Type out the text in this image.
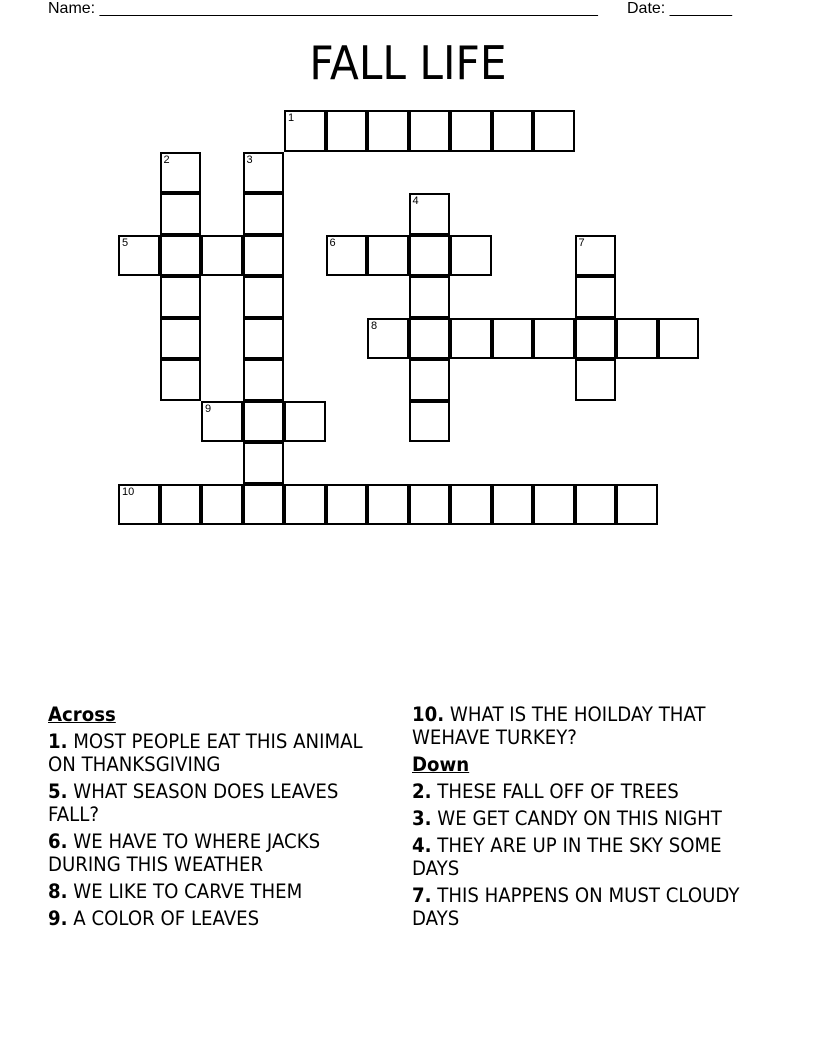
Name: ________________________________________________________ Date: _______
FALL LIFE
1
2	3
4
5	6	7
8
9
10
Across
1. MOST PEOPLE EAT THIS ANIMAL ON THANKSGIVING
5. WHAT SEASON DOES LEAVES FALL?
6. WE HAVE TO WHERE JACKS DURING THIS WEATHER
8. WE LIKE TO CARVE THEM
9. A COLOR OF LEAVES
10. WHAT IS THE HOILDAY THAT WEHAVE TURKEY?
Down
2. THESE FALL OFF OF TREES
3. WE GET CANDY ON THIS NIGHT
4. THEY ARE UP IN THE SKY SOME DAYS
7. THIS HAPPENS ON MUST CLOUDY DAYS
